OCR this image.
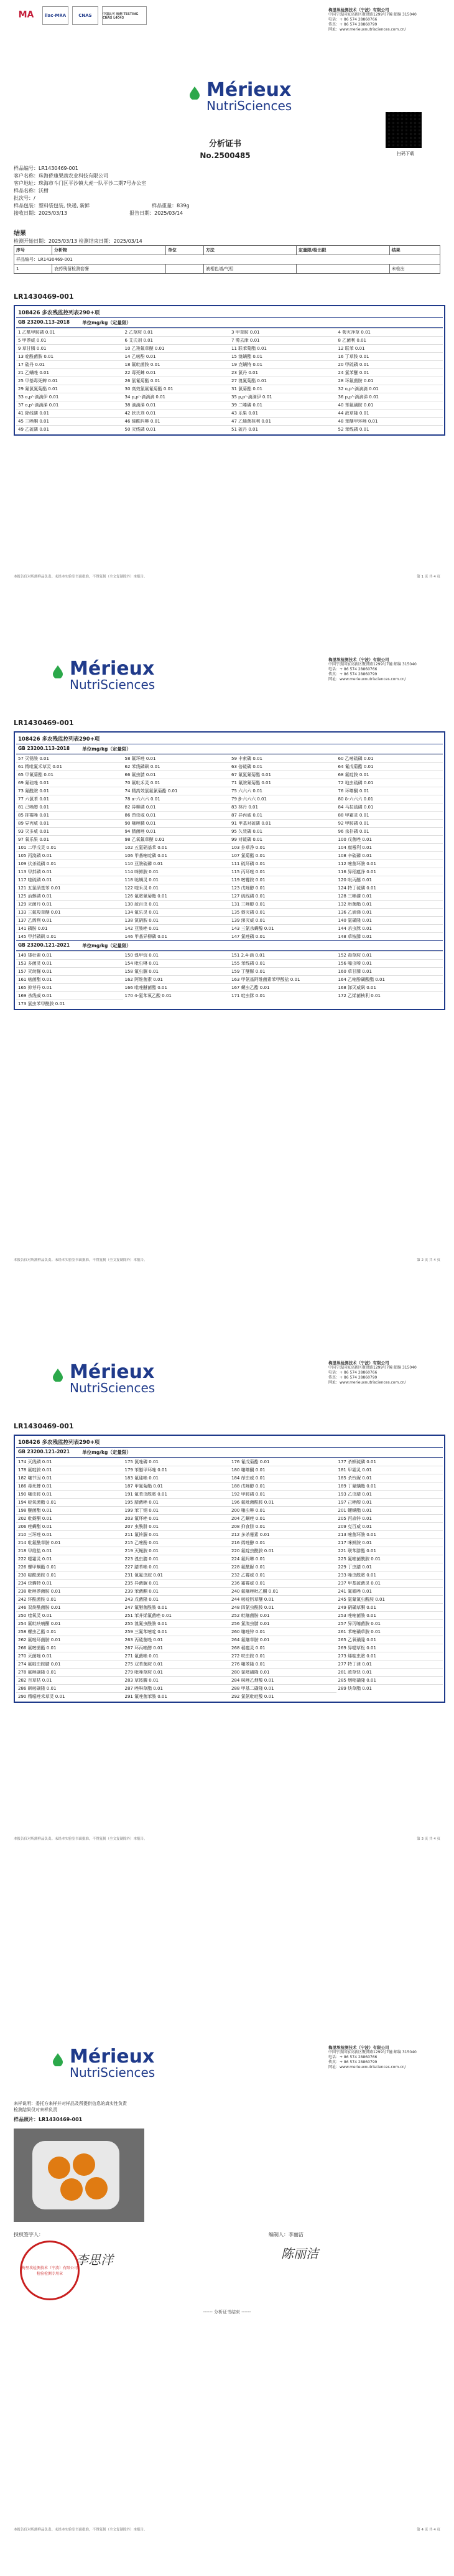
MA	ilac-MRA	CNAS	中国认可 检测 TESTING CNAS L4043
梅里埃检测技术（宁波）有限公司
中国宁波国家高新区聚贤路1299号7幢 邮编 315040
电话：+ 86 574 28860766
传真：+ 86 574 28860799
网址：www.merieuxnutrisciences.com.cn/
Mérieux
NutriSciences
扫码下载
分析证书
No.2500485
样品编号：LR1430469-001
客户名称：珠海侨康果蔬农业科技有限公司
客户地址：珠海市斗门区平沙镇大虎一队平沙二期7号办公室
样品名称：沃柑
批次号：/
样品包装：塑料袋包装, 快递, 新鲜	样品重量：839g
接收日期：2025/03/13	报告日期：2025/03/14
结果
检测开始日期：2025/03/13 检测结束日期：2025/03/14
序号	分析物	单位	方法	定量限/检出限	结果
样品编号：LR1430469-001					
1	农药残留检测套餐		液相色谱/气相		未检出
LR1430469-001
108426 多农残监控列表290+项
GB 23200.113-2018	单位mg/kg（定量限）
1 乙酰甲胺磷 0.01	2 乙草胺 0.01	3 甲草胺 0.01	4 莠灭净草 0.01
5 甲萘威 0.01	6 艾氏剂 0.01	7 莠去津 0.01	8 乙菌利 0.01
9 草甘膦 0.01	10 乙羧氟草醚 0.01	11 联苯菊酯 0.01	12 联苯 0.01
13 啶酰菌胺 0.01	14 乙嘧酚 0.01	15 溴螨酯 0.01	16 丁草胺 0.01
17 硫丹 0.01	18 氟吡菌胺 0.01	19 克螨特 0.01	20 甲硫磷 0.01
21 乙螨唑 0.01	22 毒死蜱 0.01	23 氯丹 0.01	24 氯苯醚 0.01
25 甲基毒死蜱 0.01	26 氯氰菊酯 0.01	27 溴氰菊酯 0.01	28 环氟菌胺 0.01
29 氟氯氰菊酯 0.01	30 高效氯氟氰菊酯 0.01	31 氯菊酯 0.01	32 o,p'-滴滴滴 0.01
33 o,p'-滴滴伊 0.01	34 p,p'-滴滴滴 0.01	35 p,p'-滴滴伊 0.01	36 p,p'-滴滴涕 0.01
37 o,p'-滴滴涕 0.01	38 滴滴涕 0.01	39 二嗪磷 0.01	40 苯氟磺胺 0.01
41 除线磷 0.01	42 狄氏剂 0.01	43 乐果 0.01	44 敌草隆 0.01
45 三唑酮 0.01	46 烯酰吗啉 0.01	47 乙烯菌核利 0.01	48 苯醚甲环唑 0.01
49 乙硫磷 0.01	50 灭线磷 0.01	51 硫丹 0.01	52 苯线磷 0.01
本报告仅对所测样品负责。未经本实验室书面批准，不得复制（全文复制除外）本报告。	第 1 页 共 4 页
Mérieux
NutriSciences
梅里埃检测技术（宁波）有限公司
中国宁波国家高新区聚贤路1299号7幢 邮编 315040
电话：+ 86 574 28860766
传真：+ 86 574 28860799
网址：www.merieuxnutrisciences.com.cn/
LR1430469-001
108426 多农残监控列表290+项
GB 23200.113-2018	单位mg/kg（定量限）
57 灭锈胺 0.01	58 氟环唑 0.01	59 丰索磷 0.01	60 乙嘧硫磷 0.01
61 精吡氟禾草灵 0.01	62 苯线磷砜 0.01	63 倍硫磷 0.01	64 氰戊菊酯 0.01
65 甲氰菊酯 0.01	66 氟虫腈 0.01	67 氟氯氰菊酯 0.01	68 氟啶胺 0.01
69 氟硅唑 0.01	70 氟吡禾灵 0.01	71 氟胺氰菊酯 0.01	72 地虫硫磷 0.01
73 氟酰胺 0.01	74 精高效氯氟氰菊酯 0.01	75 六六六 0.01	76 环嗪酮 0.01
77 六氯苯 0.01	78 α-六六六 0.01	79 β-六六六 0.01	80 δ-六六六 0.01
81 己唑醇 0.01	82 异柳磷 0.01	83 林丹 0.01	84 马拉硫磷 0.01
85 抑霉唑 0.01	86 茚虫威 0.01	87 异丙威 0.01	88 甲霜灵 0.01
89 异丙威 0.01	90 噻唑膦 0.01	91 甲基对硫磷 0.01	92 甲胺磷 0.01
93 灭多威 0.01	94 腈菌唑 0.01	95 久效磷 0.01	96 杀扑磷 0.01
97 氧乐果 0.01	98 乙氧氟草醚 0.01	99 对硫磷 0.01	100 戊菌唑 0.01
101 二甲戊灵 0.01	102 五氯硝基苯 0.01	103 扑草净 0.01	104 腐霉利 0.01
105 丙溴磷 0.01	106 甲基嘧啶磷 0.01	107 氯菊酯 0.01	108 辛硫磷 0.01
109 伏杀硫磷 0.01	110 亚胺硫磷 0.01	111 硫环磷 0.01	112 嘧菌环胺 0.01
113 甲拌磷 0.01	114 咪鲜胺 0.01	115 丙环唑 0.01	116 异稻瘟净 0.01
117 喹硫磷 0.01	118 哒螨灵 0.01	119 嘧霉胺 0.01	120 吡丙醚 0.01
121 五氯硝基苯 0.01	122 喹禾灵 0.01	123 戊唑醇 0.01	124 特丁硫磷 0.01
125 治螟磷 0.01	126 氟胺氰菊酯 0.01	127 硫线磷 0.01	128 三唑磷 0.01
129 灭菌丹 0.01	130 敌百虫 0.01	131 三唑醇 0.01	132 肟菌酯 0.01
133 三氟羧草醚 0.01	134 氟乐灵 0.01	135 蚜灭磷 0.01	136 乙滴涕 0.01
137 乙烯利 0.01	138 氯硝胺 0.01	139 涕灭威 0.01	140 氯磺隆 0.01
141 磷胺 0.01	142 亚胺唑 0.01	143 三氯杀螨醇 0.01	144 杀虫脒 0.01
145 甲拌磷砜 0.01	146 甲基异柳磷 0.01	147 氯唑磷 0.01	148 草铵膦 0.01
GB 23200.121-2021	单位mg/kg（定量限）
149 矮壮素 0.01	150 溴甲烷 0.01	151 2,4-滴 0.01	152 毒草胺 0.01
153 多菌灵 0.01	154 吡虫啉 0.01	155 苯线磷 0.01	156 噻虫嗪 0.01
157 灭幼脲 0.01	158 氟虫脲 0.01	159 丁醚脲 0.01	160 草甘膦 0.01
161 嘧菌酯 0.01	162 阿维菌素 0.01	163 甲氨基阿维菌素苯甲酸盐 0.01	164 乙嘧酚磺酸酯 0.01
165 抑芽丹 0.01	166 吡唑醚菌酯 0.01	167 螺虫乙酯 0.01	168 涕灭威砜 0.01
169 杀线威 0.01	170 4-氯苯氧乙酸 0.01	171 啶虫脒 0.01	172 乙烯菌核利 0.01
173 氯虫苯甲酰胺 0.01
本报告仅对所测样品负责。未经本实验室书面批准，不得复制（全文复制除外）本报告。	第 2 页 共 4 页
Mérieux
NutriSciences
梅里埃检测技术（宁波）有限公司
中国宁波国家高新区聚贤路1299号7幢 邮编 315040
电话：+ 86 574 28860766
传真：+ 86 574 28860799
网址：www.merieuxnutrisciences.com.cn/
LR1430469-001
108426 多农残监控列表290+项
GB 23200.121-2021	单位mg/kg（定量限）
174 灭线磷 0.01	175 氯唑磷 0.01	176 氰戊菊酯 0.01	177 杀螟硫磷 0.01
178 氟啶胺 0.01	179 苯醚甲环唑 0.01	180 噻嗪酮 0.01	181 甲霜灵 0.01
182 噻节因 0.01	183 氟硅唑 0.01	184 茚虫威 0.01	185 杀铃脲 0.01
186 毒死蜱 0.01	187 甲氰菊酯 0.01	188 戊唑醇 0.01	189 丁氟螨酯 0.01
190 噻虫胺 0.01	191 氟苯虫酰胺 0.01	192 甲胺磷 0.01	193 乙虫腈 0.01
194 啶氧菌酯 0.01	195 腈菌唑 0.01	196 氟吡菌酰胺 0.01	197 己唑醇 0.01
198 醚菌酯 0.01	199 苯丁锡 0.01	200 噻虫啉 0.01	201 螺螨酯 0.01
202 吡蚜酮 0.01	203 氟环唑 0.01	204 乙螨唑 0.01	205 丙森锌 0.01
206 唑螨酯 0.01	207 虫酰肼 0.01	208 抑食肼 0.01	209 克百威 0.01
210 三环唑 0.01	211 氟铃脲 0.01	212 多杀霉素 0.01	213 嘧菌环胺 0.01
214 吡氟酰草胺 0.01	215 乙嘧酚 0.01	216 烯唑醇 0.01	217 咪鲜胺 0.01
218 甲维盐 0.01	219 灭蝇胺 0.01	220 氟啶虫酰胺 0.01	221 联苯肼酯 0.01
222 噁霜灵 0.01	223 溴虫腈 0.01	224 氟吗啉 0.01	225 氟唑菌酰胺 0.01
226 螺甲螨酯 0.01	227 腈苯唑 0.01	228 氟酰脲 0.01	229 丁虫腈 0.01
230 啶酰菌胺 0.01	231 氰氟虫腙 0.01	232 乙霉威 0.01	233 唑虫酰胺 0.01
234 炔螨特 0.01	235 异菌脲 0.01	236 霜霉威 0.01	237 甲基硫菌灵 0.01
238 吡唑萘菌胺 0.01	239 苯菌酮 0.01	240 氟噻唑吡乙酮 0.01	241 氰霜唑 0.01
242 环酰菌胺 0.01	243 戊菌隆 0.01	244 嘧啶肟草醚 0.01	245 氯氟氰虫酰胺 0.01
246 双炔酰菌胺 0.01	247 氟醚菌酰胺 0.01	248 四氯虫酰胺 0.01	249 硝磺草酮 0.01
250 喹氧灵 0.01	251 苯并烯氟菌唑 0.01	252 吡噻菌胺 0.01	253 唑嘧菌胺 0.01
254 氟吡呋喃酮 0.01	255 溴氰虫酰胺 0.01	256 氯溴虫腈 0.01	257 异丙噻菌胺 0.01
258 螺虫乙酯 0.01	259 三氟苯嘧啶 0.01	260 噻唑锌 0.01	261 苯嘧磺草胺 0.01
262 氟唑环菌胺 0.01	263 丙硫菌唑 0.01	264 氟噻草胺 0.01	265 乙氧磺隆 0.01
266 氟嘧菌酯 0.01	267 环丙唑醇 0.01	268 稻瘟灵 0.01	269 异噁草松 0.01
270 灭菌唑 0.01	271 氟菌唑 0.01	272 呋虫胺 0.01	273 烯啶虫胺 0.01
274 氟啶虫胺腈 0.01	275 双苯菌胺 0.01	276 噻苯隆 0.01	277 特丁津 0.01
278 氟唑磺隆 0.01	279 吡唑草胺 0.01	280 氯嘧磺隆 0.01	281 敌草快 0.01
282 百草枯 0.01	283 草铵膦 0.01	284 咪唑乙烟酸 0.01	285 烟嘧磺隆 0.01
286 砜嘧磺隆 0.01	287 唑啉草酯 0.01	288 甲基二磺隆 0.01	289 炔草酯 0.01
290 精噁唑禾草灵 0.01	291 氟唑菌苯胺 0.01	292 氯氨吡啶酸 0.01
本报告仅对所测样品负责。未经本实验室书面批准，不得复制（全文复制除外）本报告。	第 3 页 共 4 页
Mérieux
NutriSciences
梅里埃检测技术（宁波）有限公司
中国宁波国家高新区聚贤路1299号7幢 邮编 315040
电话：+ 86 574 28860766
传真：+ 86 574 28860799
网址：www.merieuxnutrisciences.com.cn/
来样说明：委托方来样并对样品及所提供信息的真实性负责
检测结果仅对来样负责
样品照片：LR1430469-001
授权签字人：	编制人：李丽洁
梅里埃检测技术（宁波）有限公司 检验检测专用章
李思洋	陈丽洁
------ 分析证书结束 ------
本报告仅对所测样品负责。未经本实验室书面批准，不得复制（全文复制除外）本报告。	第 4 页 共 4 页
